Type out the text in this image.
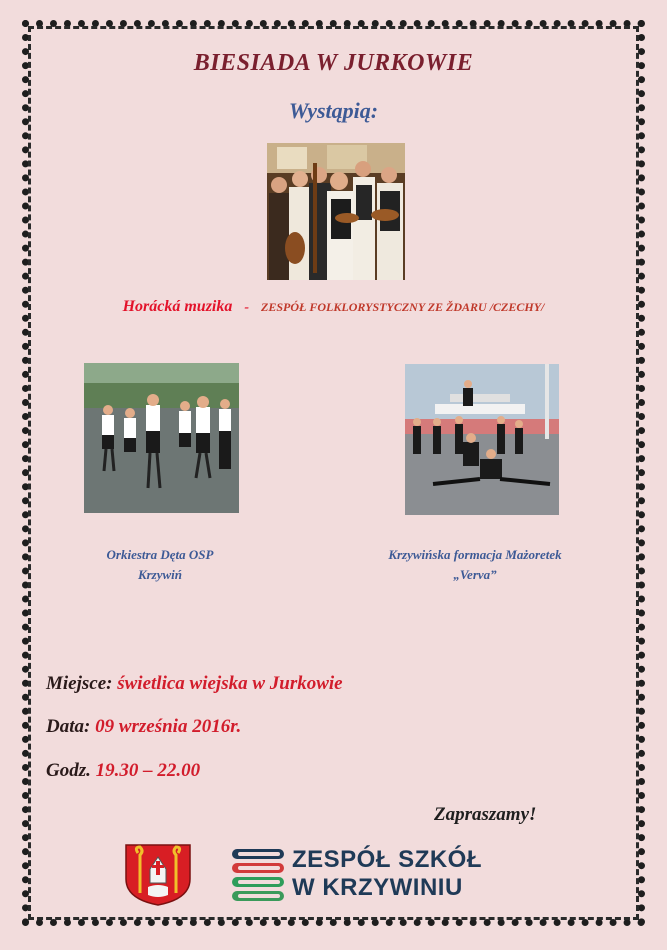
BIESIADA W JURKOWIE
Wystąpią:
Horácká muzika - ZESPÓŁ FOLKLORYSTYCZNY ZE ŽDARU /CZECHY/
Orkiestra Dęta OSP
Krzywiń
Krzywińska formacja Mażoretek
„Verva”
Miejsce: świetlica wiejska w Jurkowie
Data: 09 września 2016r.
Godz. 19.30 – 22.00
Zapraszamy!
ZESPÓŁ SZKÓŁ
W KRZYWINIU
